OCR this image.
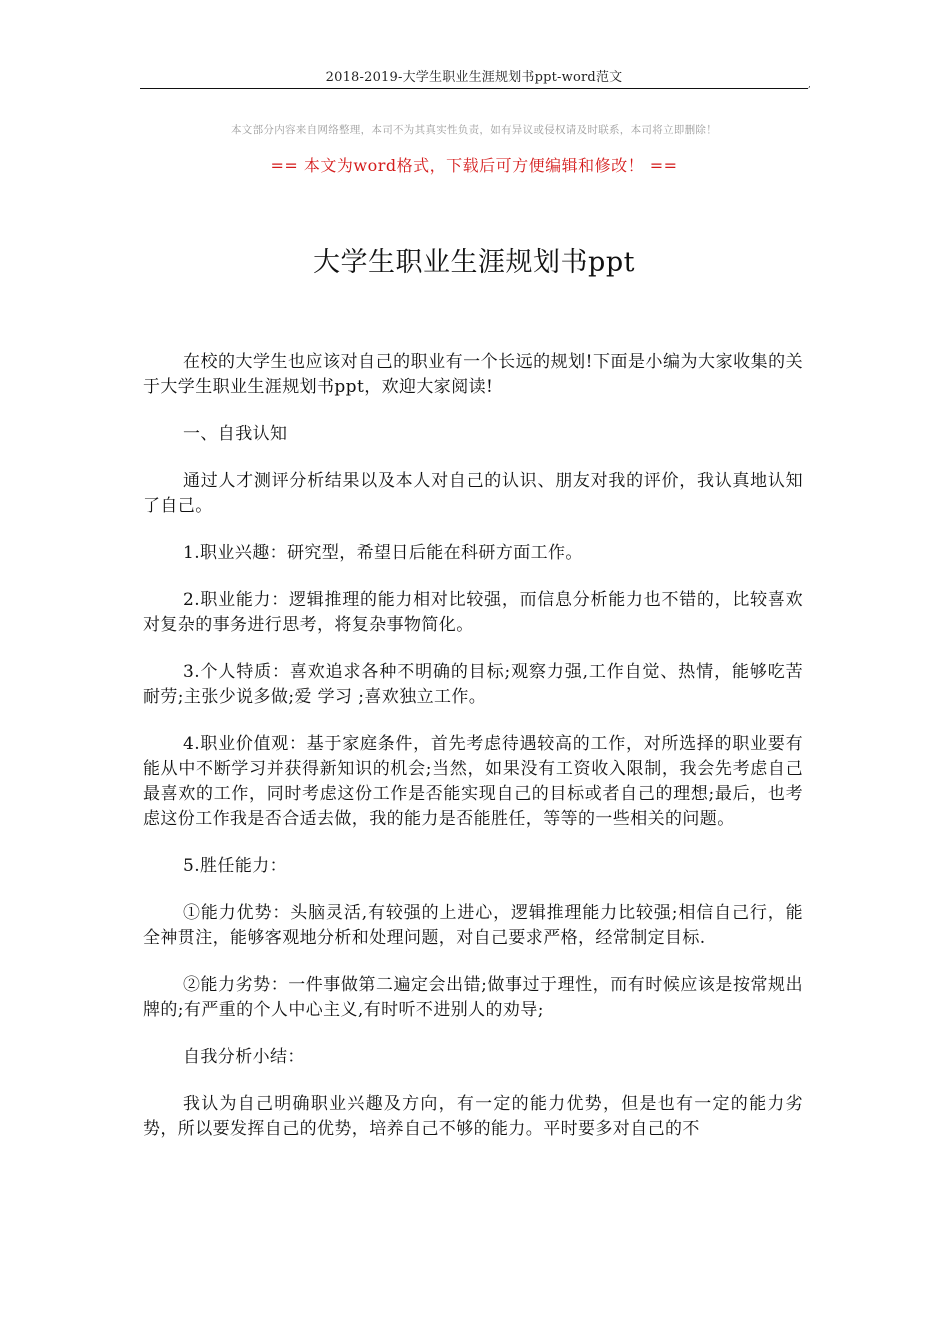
2018-2019-大学生职业生涯规划书ppt-word范文	,
本文部分内容来自网络整理，本司不为其真实性负责，如有异议或侵权请及时联系，本司将立即删除！
== 本文为word格式，下载后可方便编辑和修改！ ==
大学生职业生涯规划书ppt

在校的大学生也应该对自己的职业有一个长远的规划!下面是小编为大家收集的关于大学生职业生涯规划书ppt，欢迎大家阅读!

一、自我认知

通过人才测评分析结果以及本人对自己的认识、朋友对我的评价，我认真地认知了自己。

1.职业兴趣：研究型，希望日后能在科研方面工作。

2.职业能力：逻辑推理的能力相对比较强，而信息分析能力也不错的，比较喜欢对复杂的事务进行思考，将复杂事物简化。

3.个人特质：喜欢追求各种不明确的目标;观察力强,工作自觉、热情，能够吃苦耐劳;主张少说多做;爱 学习 ;喜欢独立工作。

4.职业价值观：基于家庭条件，首先考虑待遇较高的工作，对所选择的职业要有能从中不断学习并获得新知识的机会;当然，如果没有工资收入限制，我会先考虑自己最喜欢的工作，同时考虑这份工作是否能实现自己的目标或者自己的理想;最后，也考虑这份工作我是否合适去做，我的能力是否能胜任，等等的一些相关的问题。

5.胜任能力：

①能力优势：头脑灵活,有较强的上进心，逻辑推理能力比较强;相信自己行，能全神贯注，能够客观地分析和处理问题，对自己要求严格，经常制定目标.

②能力劣势：一件事做第二遍定会出错;做事过于理性，而有时候应该是按常规出牌的;有严重的个人中心主义,有时听不进别人的劝导;

自我分析小结：

我认为自己明确职业兴趣及方向，有一定的能力优势，但是也有一定的能力劣势，所以要发挥自己的优势，培养自己不够的能力。平时要多对自己的不
